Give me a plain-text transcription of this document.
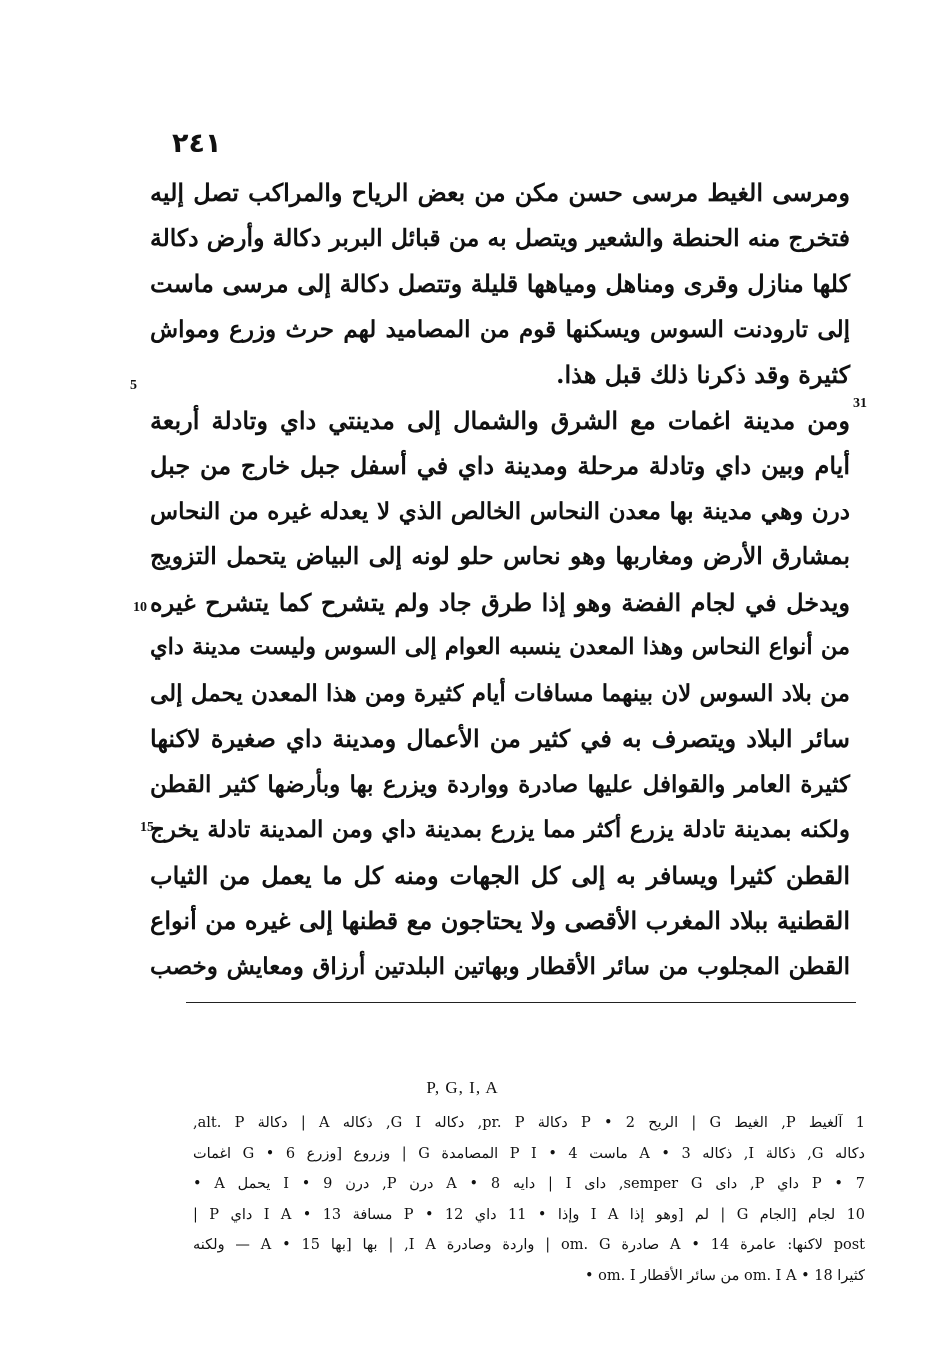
٢٤١
ومرسى الغيط مرسى حسن مكن من بعض الرياح والمراكب تصل إليه
فتخرج منه الحنطة والشعير ويتصل به من قبائل البربر دكالة وأرض دكالة
كلها منازل وقرى ومناهل ومياهها قليلة وتتصل دكالة إلى مرسى ماست
إلى تارودنت السوس ويسكنها قوم من المصاميد لهم حرث وزرع ومواش
كثيرة وقد ذكرنا ذلك قبل هذا.
ومن مدينة اغمات مع الشرق والشمال إلى مدينتي داي وتادلة أربعة
أيام وبين داي وتادلة مرحلة ومدينة داي في أسفل جبل خارج من جبل
درن وهي مدينة بها معدن النحاس الخالص الذي لا يعدله غيره من النحاس
بمشارق الأرض ومغاربها وهو نحاس حلو لونه إلى البياض يتحمل التزويج
ويدخل في لجام الفضة وهو إذا طرق جاد ولم يتشرح كما يتشرح غيره
من أنواع النحاس وهذا المعدن ينسبه العوام إلى السوس وليست مدينة داي
من بلاد السوس لان بينهما مسافات أيام كثيرة ومن هذا المعدن يحمل إلى
سائر البلاد ويتصرف به في كثير من الأعمال ومدينة داي صغيرة لاكنها
كثيرة العامر والقوافل عليها صادرة وواردة ويزرع بها وبأرضها كثير القطن
ولكنه بمدينة تادلة يزرع أكثر مما يزرع بمدينة داي ومن المدينة تادلة يخرج
القطن كثيرا ويسافر به إلى كل الجهات ومنه كل ما يعمل من الثياب
القطنية ببلاد المغرب الأقصى ولا يحتاجون مع قطنها إلى غيره من أنواع
القطن المجلوب من سائر الأقطار وبهاتين البلدتين أرزاق ومعايش وخصب
5
31
10
15
P, G, I, A
1 آلغيط P, الغيط G | الريح P • 2 دكالة pr. P, دكاله G I, ذكاله A | دكالة alt. P,
دكاله G, ذكالة I, ذكاله A • 3 ماست P I • 4 المصامدة G | وزروع [وزرع G • 6 اغمات
P • 7 داي P, داى semper G, داى I | دايه A • 8 درن P, درن I • 9 يحمل A •
10 لجام [الجام G | لم [وهو إذا I A وإذا • 11 داي P • 12 مسافة I A • 13 داي P |
post لاكنها: عامرة A • 14 صادرة om. G | واردة وصادرة I A, | بها [بها A • 15 — ولكنه
كثيرا om. I A • 18 من سائر الأقطار om. I •
